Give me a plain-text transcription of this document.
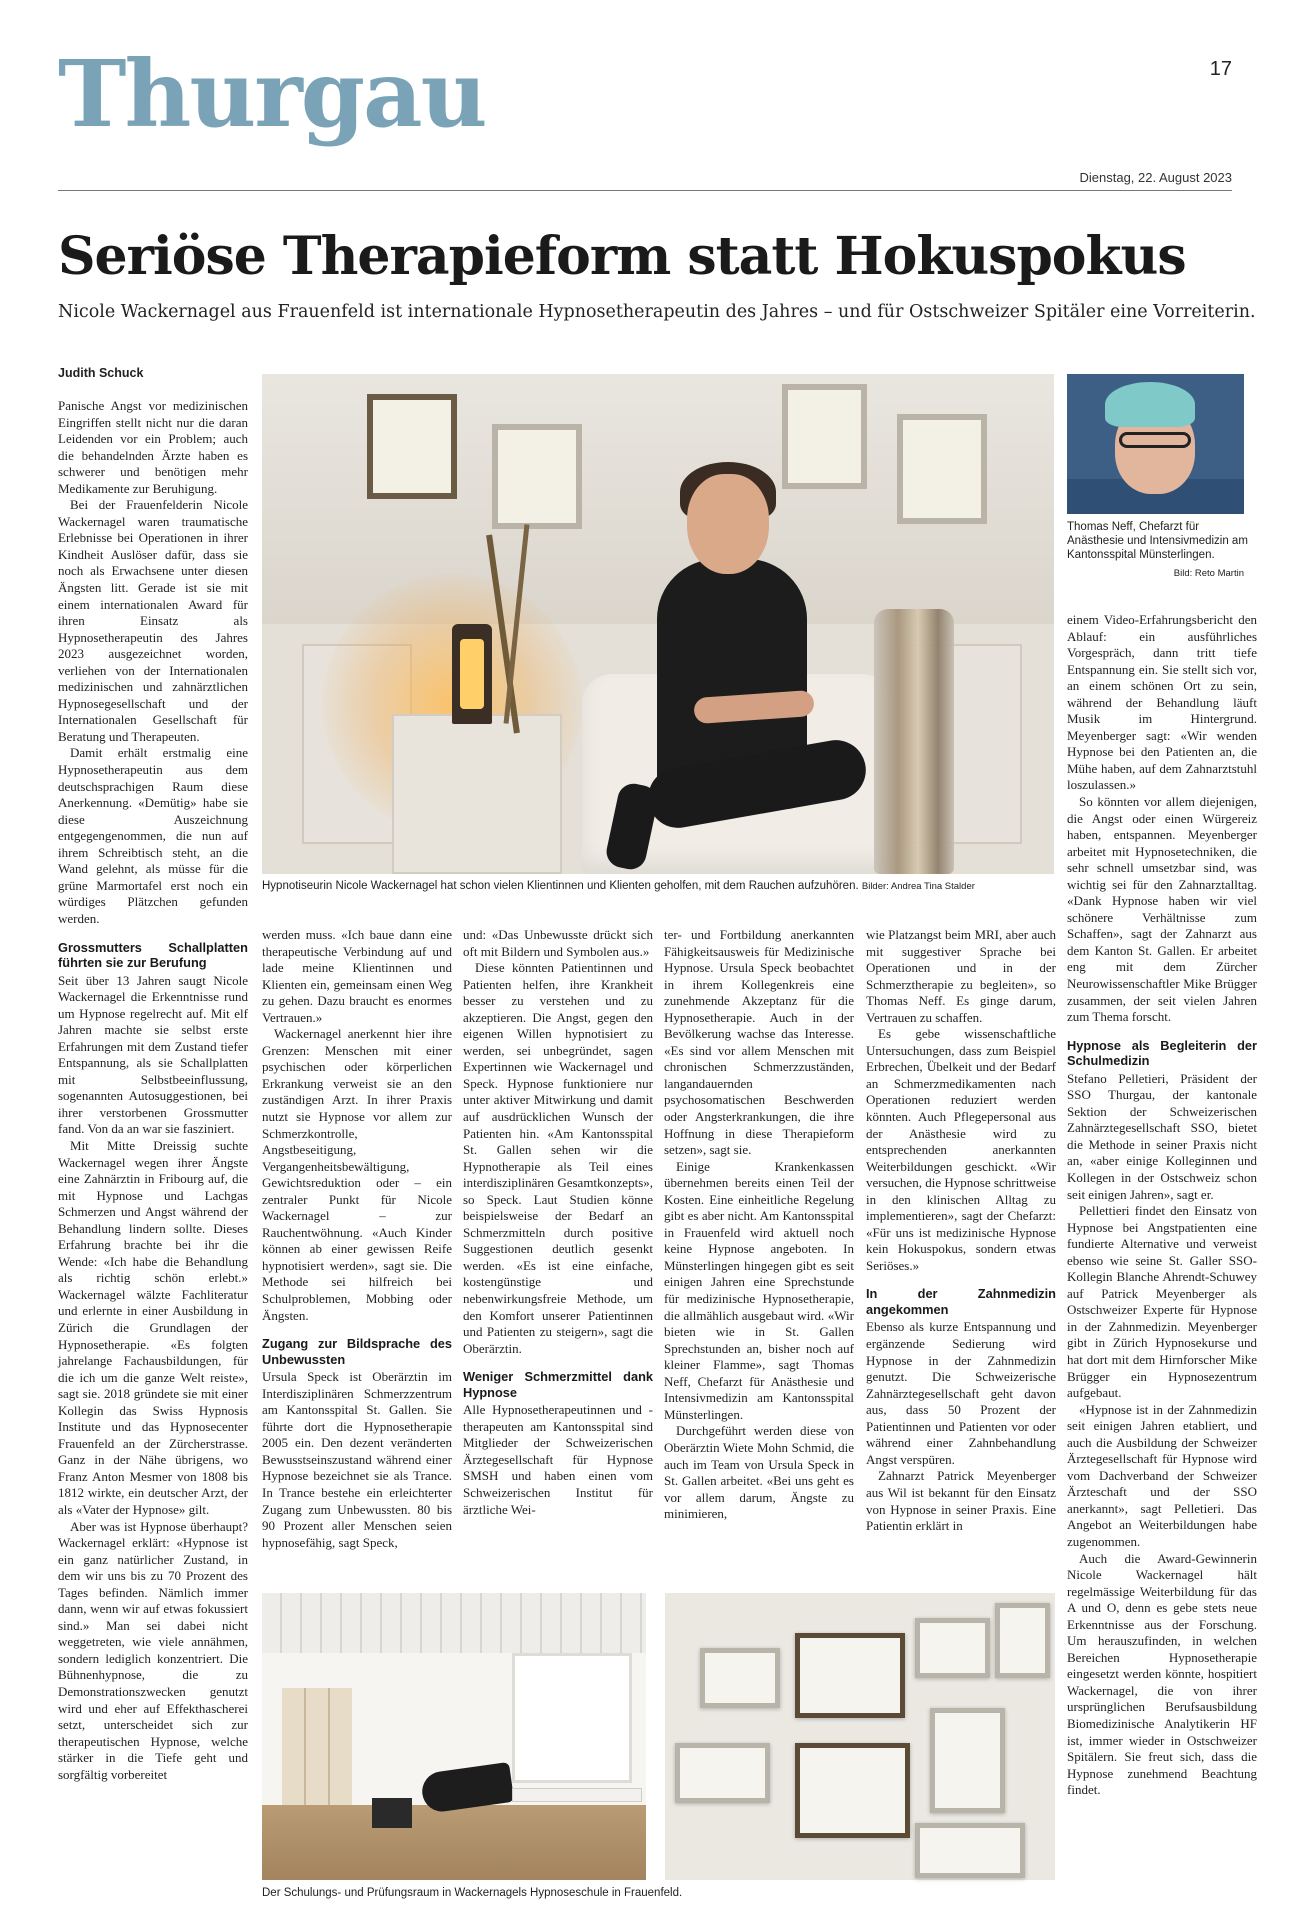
17
Thurgau
Dienstag, 22. August 2023
Seriöse Therapieform statt Hokuspokus
Nicole Wackernagel aus Frauenfeld ist internationale Hypnosetherapeutin des Jahres – und für Ostschweizer Spitäler eine Vorreiterin.
Judith Schuck

Panische Angst vor medizinischen Eingriffen stellt nicht nur die daran Leidenden vor ein Problem; auch die behandelnden Ärzte haben es schwerer und benötigen mehr Medikamente zur Beruhigung.

Bei der Frauenfelderin Nicole Wackernagel waren traumatische Erlebnisse bei Operationen in ihrer Kindheit Auslöser dafür, dass sie noch als Erwachsene unter diesen Ängsten litt. Gerade ist sie mit einem internationalen Award für ihren Einsatz als Hypnosetherapeutin des Jahres 2023 ausgezeichnet worden, verliehen von der Internationalen medizinischen und zahnärztlichen Hypnosegesellschaft und der Internationalen Gesellschaft für Beratung und Therapeuten.

Damit erhält erstmalig eine Hypnosetherapeutin aus dem deutschsprachigen Raum diese Anerkennung. «Demütig» habe sie diese Auszeichnung entgegengenommen, die nun auf ihrem Schreibtisch steht, an die Wand gelehnt, als müsse für die grüne Marmortafel erst noch ein würdiges Plätzchen gefunden werden.

Grossmutters Schallplatten führten sie zur Berufung

Seit über 13 Jahren saugt Nicole Wackernagel die Erkenntnisse rund um Hypnose regelrecht auf. Mit elf Jahren machte sie selbst erste Erfahrungen mit dem Zustand tiefer Entspannung, als sie Schallplatten mit Selbstbeeinflussung, sogenannten Autosuggestionen, bei ihrer verstorbenen Grossmutter fand. Von da an war sie fasziniert.

Mit Mitte Dreissig suchte Wackernagel wegen ihrer Ängste eine Zahnärztin in Fribourg auf, die mit Hypnose und Lachgas Schmerzen und Angst während der Behandlung lindern sollte. Dieses Erfahrung brachte bei ihr die Wende: «Ich habe die Behandlung als richtig schön erlebt.» Wackernagel wälzte Fachliteratur und erlernte in einer Ausbildung in Zürich die Grundlagen der Hypnosetherapie. «Es folgten jahrelange Fachausbildungen, für die ich um die ganze Welt reiste», sagt sie. 2018 gründete sie mit einer Kollegin das Swiss Hypnosis Institute und das Hypnosecenter Frauenfeld an der Zürcherstrasse. Ganz in der Nähe übrigens, wo Franz Anton Mesmer von 1808 bis 1812 wirkte, ein deutscher Arzt, der als «Vater der Hypnose» gilt.

Aber was ist Hypnose überhaupt? Wackernagel erklärt: «Hypnose ist ein ganz natürlicher Zustand, in dem wir uns bis zu 70 Prozent des Tages befinden. Nämlich immer dann, wenn wir auf etwas fokussiert sind.» Man sei dabei nicht weggetreten, wie viele annähmen, sondern lediglich konzentriert. Die Bühnenhypnose, die zu Demonstrationszwecken genutzt wird und eher auf Effekthascherei setzt, unterscheidet sich zur therapeutischen Hypnose, welche stärker in die Tiefe geht und sorgfältig vorbereitet

Hypnotiseurin Nicole Wackernagel hat schon vielen Klientinnen und Klienten geholfen, mit dem Rauchen aufzuhören. Bilder: Andrea Tina Stalder
Thomas Neff, Chefarzt für Anästhesie und Intensivmedizin am Kantonsspital Münsterlingen.
Bild: Reto Martin

werden muss. «Ich baue dann eine therapeutische Verbindung auf und lade meine Klientinnen und Klienten ein, gemeinsam einen Weg zu gehen. Dazu braucht es enormes Vertrauen.»

Wackernagel anerkennt hier ihre Grenzen: Menschen mit einer psychischen oder körperlichen Erkrankung verweist sie an den zuständigen Arzt. In ihrer Praxis nutzt sie Hypnose vor allem zur Schmerzkontrolle, Angstbeseitigung, Vergangenheitsbewältigung, Gewichtsreduktion oder – ein zentraler Punkt für Nicole Wackernagel – zur Rauchentwöhnung. «Auch Kinder können ab einer gewissen Reife hypnotisiert werden», sagt sie. Die Methode sei hilfreich bei Schulproblemen, Mobbing oder Ängsten.

Zugang zur Bildsprache des Unbewussten

Ursula Speck ist Oberärztin im Interdisziplinären Schmerzzentrum am Kantonsspital St. Gallen. Sie führte dort die Hypnosetherapie 2005 ein. Den dezent veränderten Bewusstseinszustand während einer Hypnose bezeichnet sie als Trance. In Trance bestehe ein erleichterter Zugang zum Unbewussten. 80 bis 90 Prozent aller Menschen seien hypnosefähig, sagt Speck,

und: «Das Unbewusste drückt sich oft mit Bildern und Symbolen aus.»

Diese könnten Patientinnen und Patienten helfen, ihre Krankheit besser zu verstehen und zu akzeptieren. Die Angst, gegen den eigenen Willen hypnotisiert zu werden, sei unbegründet, sagen Expertinnen wie Wackernagel und Speck. Hypnose funktioniere nur unter aktiver Mitwirkung und damit auf ausdrücklichen Wunsch der Patienten hin. «Am Kantonsspital St. Gallen sehen wir die Hypnotherapie als Teil eines interdisziplinären Gesamtkonzepts», so Speck. Laut Studien könne beispielsweise der Bedarf an Schmerzmitteln durch positive Suggestionen deutlich gesenkt werden. «Es ist eine einfache, kostengünstige und nebenwirkungsfreie Methode, um den Komfort unserer Patientinnen und Patienten zu steigern», sagt die Oberärztin.

Weniger Schmerzmittel dank Hypnose

Alle Hypnosetherapeutinnen und -therapeuten am Kantonsspital sind Mitglieder der Schweizerischen Ärztegesellschaft für Hypnose SMSH und haben einen vom Schweizerischen Institut für ärztliche Wei-

ter- und Fortbildung anerkannten Fähigkeitsausweis für Medizinische Hypnose. Ursula Speck beobachtet in ihrem Kollegenkreis eine zunehmende Akzeptanz für die Hypnosetherapie. Auch in der Bevölkerung wachse das Interesse. «Es sind vor allem Menschen mit chronischen Schmerzzuständen, langandauernden psychosomatischen Beschwerden oder Angsterkrankungen, die ihre Hoffnung in diese Therapieform setzen», sagt sie.

Einige Krankenkassen übernehmen bereits einen Teil der Kosten. Eine einheitliche Regelung gibt es aber nicht. Am Kantonsspital in Frauenfeld wird aktuell noch keine Hypnose angeboten. In Münsterlingen hingegen gibt es seit einigen Jahren eine Sprechstunde für medizinische Hypnosetherapie, die allmählich ausgebaut wird. «Wir bieten wie in St. Gallen Sprechstunden an, bisher noch auf kleiner Flamme», sagt Thomas Neff, Chefarzt für Anästhesie und Intensivmedizin am Kantonsspital Münsterlingen.

Durchgeführt werden diese von Oberärztin Wiete Mohn Schmid, die auch im Team von Ursula Speck in St. Gallen arbeitet. «Bei uns geht es vor allem darum, Ängste zu minimieren,

wie Platzangst beim MRI, aber auch mit suggestiver Sprache bei Operationen und in der Schmerztherapie zu begleiten», so Thomas Neff. Es ginge darum, Vertrauen zu schaffen.

Es gebe wissenschaftliche Untersuchungen, dass zum Beispiel Erbrechen, Übelkeit und der Bedarf an Schmerzmedikamenten nach Operationen reduziert werden könnten. Auch Pflegepersonal aus der Anästhesie wird zu entsprechenden anerkannten Weiterbildungen geschickt. «Wir versuchen, die Hypnose schrittweise in den klinischen Alltag zu implementieren», sagt der Chefarzt: «Für uns ist medizinische Hypnose kein Hokuspokus, sondern etwas Seriöses.»

In der Zahnmedizin angekommen

Ebenso als kurze Entspannung und ergänzende Sedierung wird Hypnose in der Zahnmedizin genutzt. Die Schweizerische Zahnärztegesellschaft geht davon aus, dass 50 Prozent der Patientinnen und Patienten vor oder während einer Zahnbehandlung Angst verspüren.

Zahnarzt Patrick Meyenberger aus Wil ist bekannt für den Einsatz von Hypnose in seiner Praxis. Eine Patientin erklärt in

einem Video-Erfahrungsbericht den Ablauf: ein ausführliches Vorgespräch, dann tritt tiefe Entspannung ein. Sie stellt sich vor, an einem schönen Ort zu sein, während der Behandlung läuft Musik im Hintergrund. Meyenberger sagt: «Wir wenden Hypnose bei den Patienten an, die Mühe haben, auf dem Zahnarztstuhl loszulassen.»

So könnten vor allem diejenigen, die Angst oder einen Würgereiz haben, entspannen. Meyenberger arbeitet mit Hypnosetechniken, die sehr schnell umsetzbar sind, was wichtig sei für den Zahnarztalltag. «Dank Hypnose haben wir viel schönere Verhältnisse zum Schaffen», sagt der Zahnarzt aus dem Kanton St. Gallen. Er arbeitet eng mit dem Zürcher Neurowissenschaftler Mike Brügger zusammen, der seit vielen Jahren zum Thema forscht.

Hypnose als Begleiterin der Schulmedizin

Stefano Pelletieri, Präsident der SSO Thurgau, der kantonale Sektion der Schweizerischen Zahnärztegesellschaft SSO, bietet die Methode in seiner Praxis nicht an, «aber einige Kolleginnen und Kollegen in der Ostschweiz schon seit einigen Jahren», sagt er.

Pellettieri findet den Einsatz von Hypnose bei Angstpatienten eine fundierte Alternative und verweist ebenso wie seine St. Galler SSO-Kollegin Blanche Ahrendt-Schuwey auf Patrick Meyenberger als Ostschweizer Experte für Hypnose in der Zahnmedizin. Meyenberger gibt in Zürich Hypnosekurse und hat dort mit dem Hirnforscher Mike Brügger ein Hypnosezentrum aufgebaut.

«Hypnose ist in der Zahnmedizin seit einigen Jahren etabliert, und auch die Ausbildung der Schweizer Ärztegesellschaft für Hypnose wird vom Dachverband der Schweizer Ärzteschaft und der SSO anerkannt», sagt Pelletieri. Das Angebot an Weiterbildungen habe zugenommen.

Auch die Award-Gewinnerin Nicole Wackernagel hält regelmässige Weiterbildung für das A und O, denn es gebe stets neue Erkenntnisse aus der Forschung. Um herauszufinden, in welchen Bereichen Hypnosetherapie eingesetzt werden könnte, hospitiert Wackernagel, die von ihrer ursprünglichen Berufsausbildung Biomedizinische Analytikerin HF ist, immer wieder in Ostschweizer Spitälern. Sie freut sich, dass die Hypnose zunehmend Beachtung findet.

Der Schulungs- und Prüfungsraum in Wackernagels Hypnoseschule in Frauenfeld.
